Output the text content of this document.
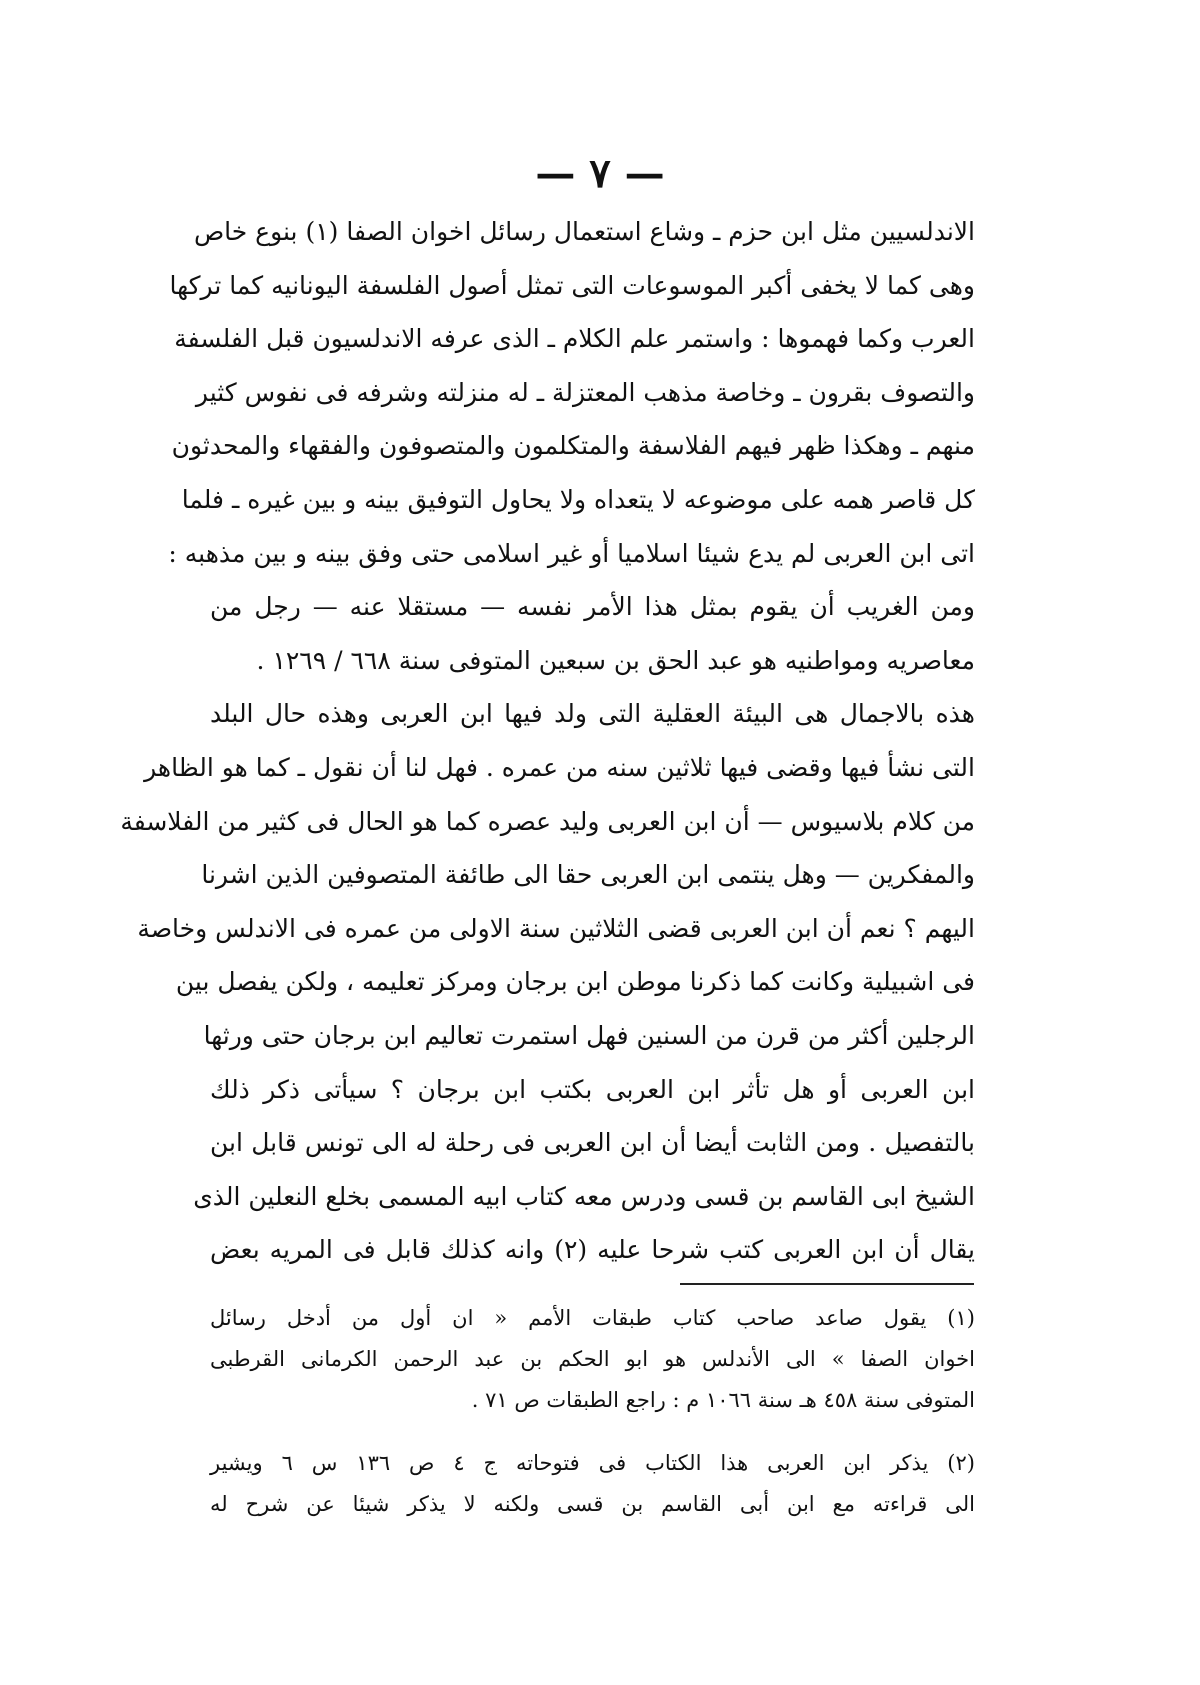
— ٧ —
الاندلسيين مثل ابن حزم ـ وشاع استعمال رسائل اخوان الصفا (١) بنوع خاص
وهى كما لا يخفى أكبر الموسوعات التى تمثل أصول الفلسفة اليونانيه كما تركها
العرب وكما فهموها : واستمر علم الكلام ـ الذى عرفه الاندلسيون قبل الفلسفة
والتصوف بقرون ـ وخاصة مذهب المعتزلة ـ له منزلته وشرفه فى نفوس كثير
منهم ـ وهكذا ظهر فيهم الفلاسفة والمتكلمون والمتصوفون والفقهاء والمحدثون
كل قاصر همه على موضوعه لا يتعداه ولا يحاول التوفيق بينه و بين غيره ـ فلما
اتى ابن العربى لم يدع شيئا اسلاميا أو غير اسلامى حتى وفق بينه و بين مذهبه :
ومن الغريب أن يقوم بمثل هذا الأمر نفسه — مستقلا عنه — رجل من
معاصريه ومواطنيه هو عبد الحق بن سبعين المتوفى سنة ٦٦٨ / ١٢٦٩ .
هذه بالاجمال هى البيئة العقلية التى ولد فيها ابن العربى وهذه حال البلد
التى نشأ فيها وقضى فيها ثلاثين سنه من عمره . فهل لنا أن نقول ـ كما هو الظاهر
من كلام بلاسيوس — أن ابن العربى وليد عصره كما هو الحال فى كثير من الفلاسفة
والمفكرين — وهل ينتمى ابن العربى حقا الى طائفة المتصوفين الذين اشرنا
اليهم ؟ نعم أن ابن العربى قضى الثلاثين سنة الاولى من عمره فى الاندلس وخاصة
فى اشبيلية وكانت كما ذكرنا موطن ابن برجان ومركز تعليمه ، ولكن يفصل بين
الرجلين أكثر من قرن من السنين فهل استمرت تعاليم ابن برجان حتى ورثها
ابن العربى أو هل تأثر ابن العربى بكتب ابن برجان ؟ سيأتى ذكر ذلك
بالتفصيل . ومن الثابت أيضا أن ابن العربى فى رحلة له الى تونس قابل ابن
الشيخ ابى القاسم بن قسى ودرس معه كتاب ابيه المسمى بخلع النعلين الذى
يقال أن ابن العربى كتب شرحا عليه (٢) وانه كذلك قابل فى المريه بعض
(١) يقول صاعد صاحب كتاب طبقات الأمم « ان أول من أدخل رسائل
اخوان الصفا » الى الأندلس هو ابو الحكم بن عبد الرحمن الكرمانى القرطبى
المتوفى سنة ٤٥٨ هـ سنة ١٠٦٦ م : راجع الطبقات ص ٧١ .
(٢) يذكر ابن العربى هذا الكتاب فى فتوحاته ج ٤ ص ١٣٦ س ٦ ويشير
الى قراءته مع ابن أبى القاسم بن قسى ولكنه لا يذكر شيئا عن شرح له
